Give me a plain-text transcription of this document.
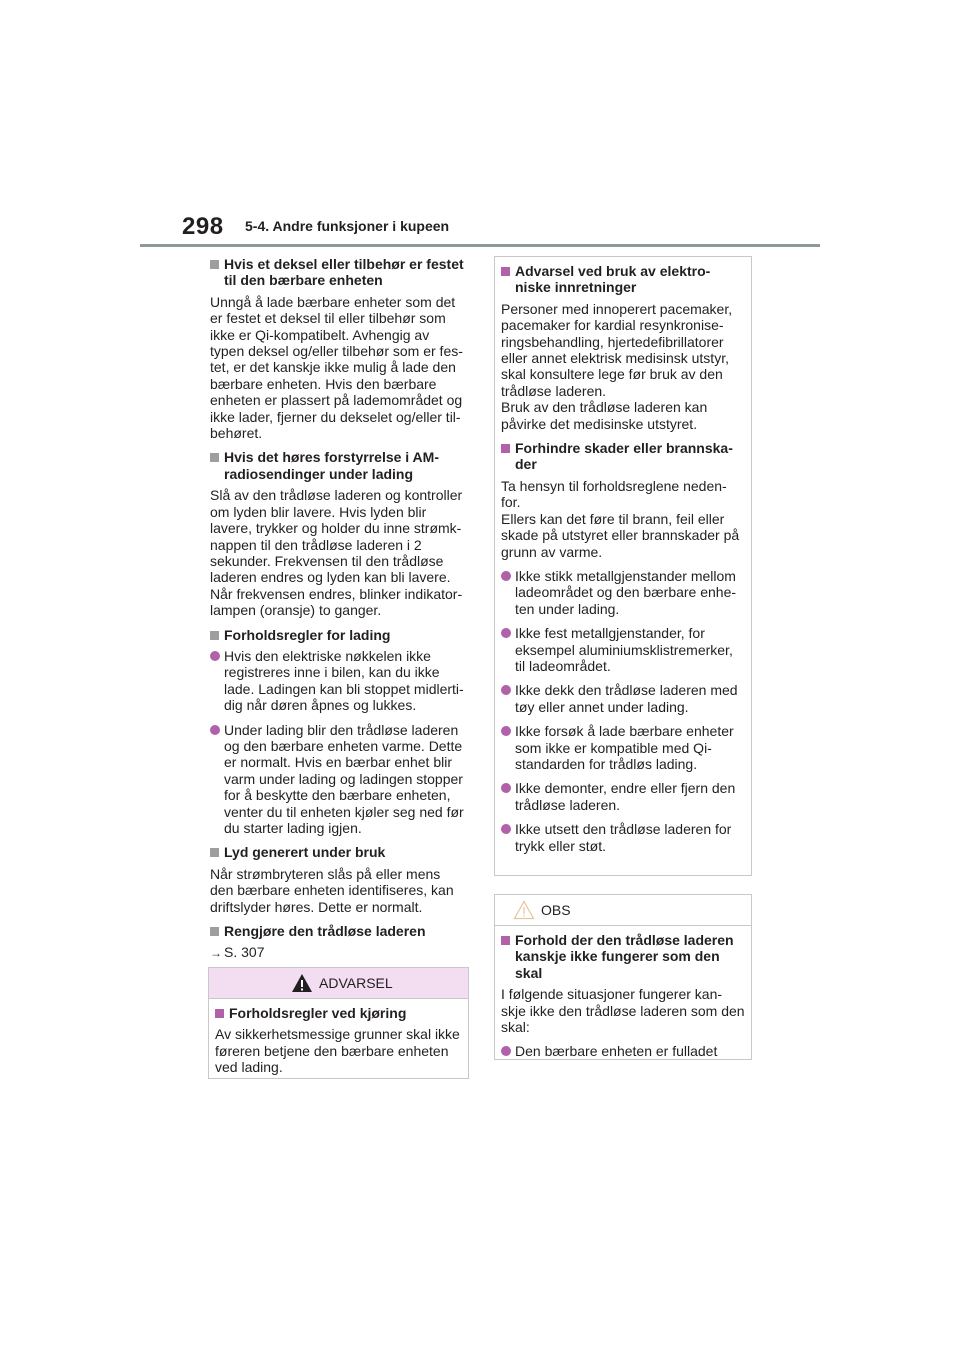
298 5-4. Andre funksjoner i kupeen
Hvis et deksel eller tilbehør er festet til den bærbare enheten
Unngå å lade bærbare enheter som det er festet et deksel til eller tilbehør som ikke er Qi-kompatibelt. Avhengig av typen deksel og/eller tilbehør som er fes-tet, er det kanskje ikke mulig å lade den bærbare enheten. Hvis den bærbare enheten er plassert på lademområdet og ikke lader, fjerner du dekselet og/eller til-behøret.
Hvis det høres forstyrrelse i AM-radiosendinger under lading
Slå av den trådløse laderen og kontroller om lyden blir lavere. Hvis lyden blir lavere, trykker og holder du inne strømk-nappen til den trådløse laderen i 2 sekunder. Frekvensen til den trådløse laderen endres og lyden kan bli lavere. Når frekvensen endres, blinker indikator-lampen (oransje) to ganger.
Forholdsregler for lading
Hvis den elektriske nøkkelen ikke registreres inne i bilen, kan du ikke lade. Ladingen kan bli stoppet midlerti-dig når døren åpnes og lukkes.
Under lading blir den trådløse laderen og den bærbare enheten varme. Dette er normalt. Hvis en bærbar enhet blir varm under lading og ladingen stopper for å beskytte den bærbare enheten, venter du til enheten kjøler seg ned før du starter lading igjen.
Lyd generert under bruk
Når strømbryteren slås på eller mens den bærbare enheten identifiseres, kan driftslyder høres. Dette er normalt.
Rengjøre den trådløse laderen
→ S. 307
ADVARSEL
Forholdsregler ved kjøring
Av sikkerhetsmessige grunner skal ikke føreren betjene den bærbare enheten ved lading.
Advarsel ved bruk av elektro-niske innretninger
Personer med innoperert pacemaker, pacemaker for kardial resynkronise-ringsbehandling, hjertedefibrillatorer eller annet elektrisk medisinsk utstyr, skal konsultere lege før bruk av den trådløse laderen.
Bruk av den trådløse laderen kan påvirke det medisinske utstyret.
Forhindre skader eller brannska-der
Ta hensyn til forholdsreglene neden-for.
Ellers kan det føre til brann, feil eller skade på utstyret eller brannskader på grunn av varme.
Ikke stikk metallgjenstander mellom ladeområdet og den bærbare enhe-ten under lading.
Ikke fest metallgjenstander, for eksempel aluminiumsklistremerker, til ladeområdet.
Ikke dekk den trådløse laderen med tøy eller annet under lading.
Ikke forsøk å lade bærbare enheter som ikke er kompatible med Qi-standarden for trådløs lading.
Ikke demonter, endre eller fjern den trådløse laderen.
Ikke utsett den trådløse laderen for trykk eller støt.
OBS
Forhold der den trådløse laderen kanskje ikke fungerer som den skal
I følgende situasjoner fungerer kan-skje ikke den trådløse laderen som den skal:
Den bærbare enheten er fulladet
